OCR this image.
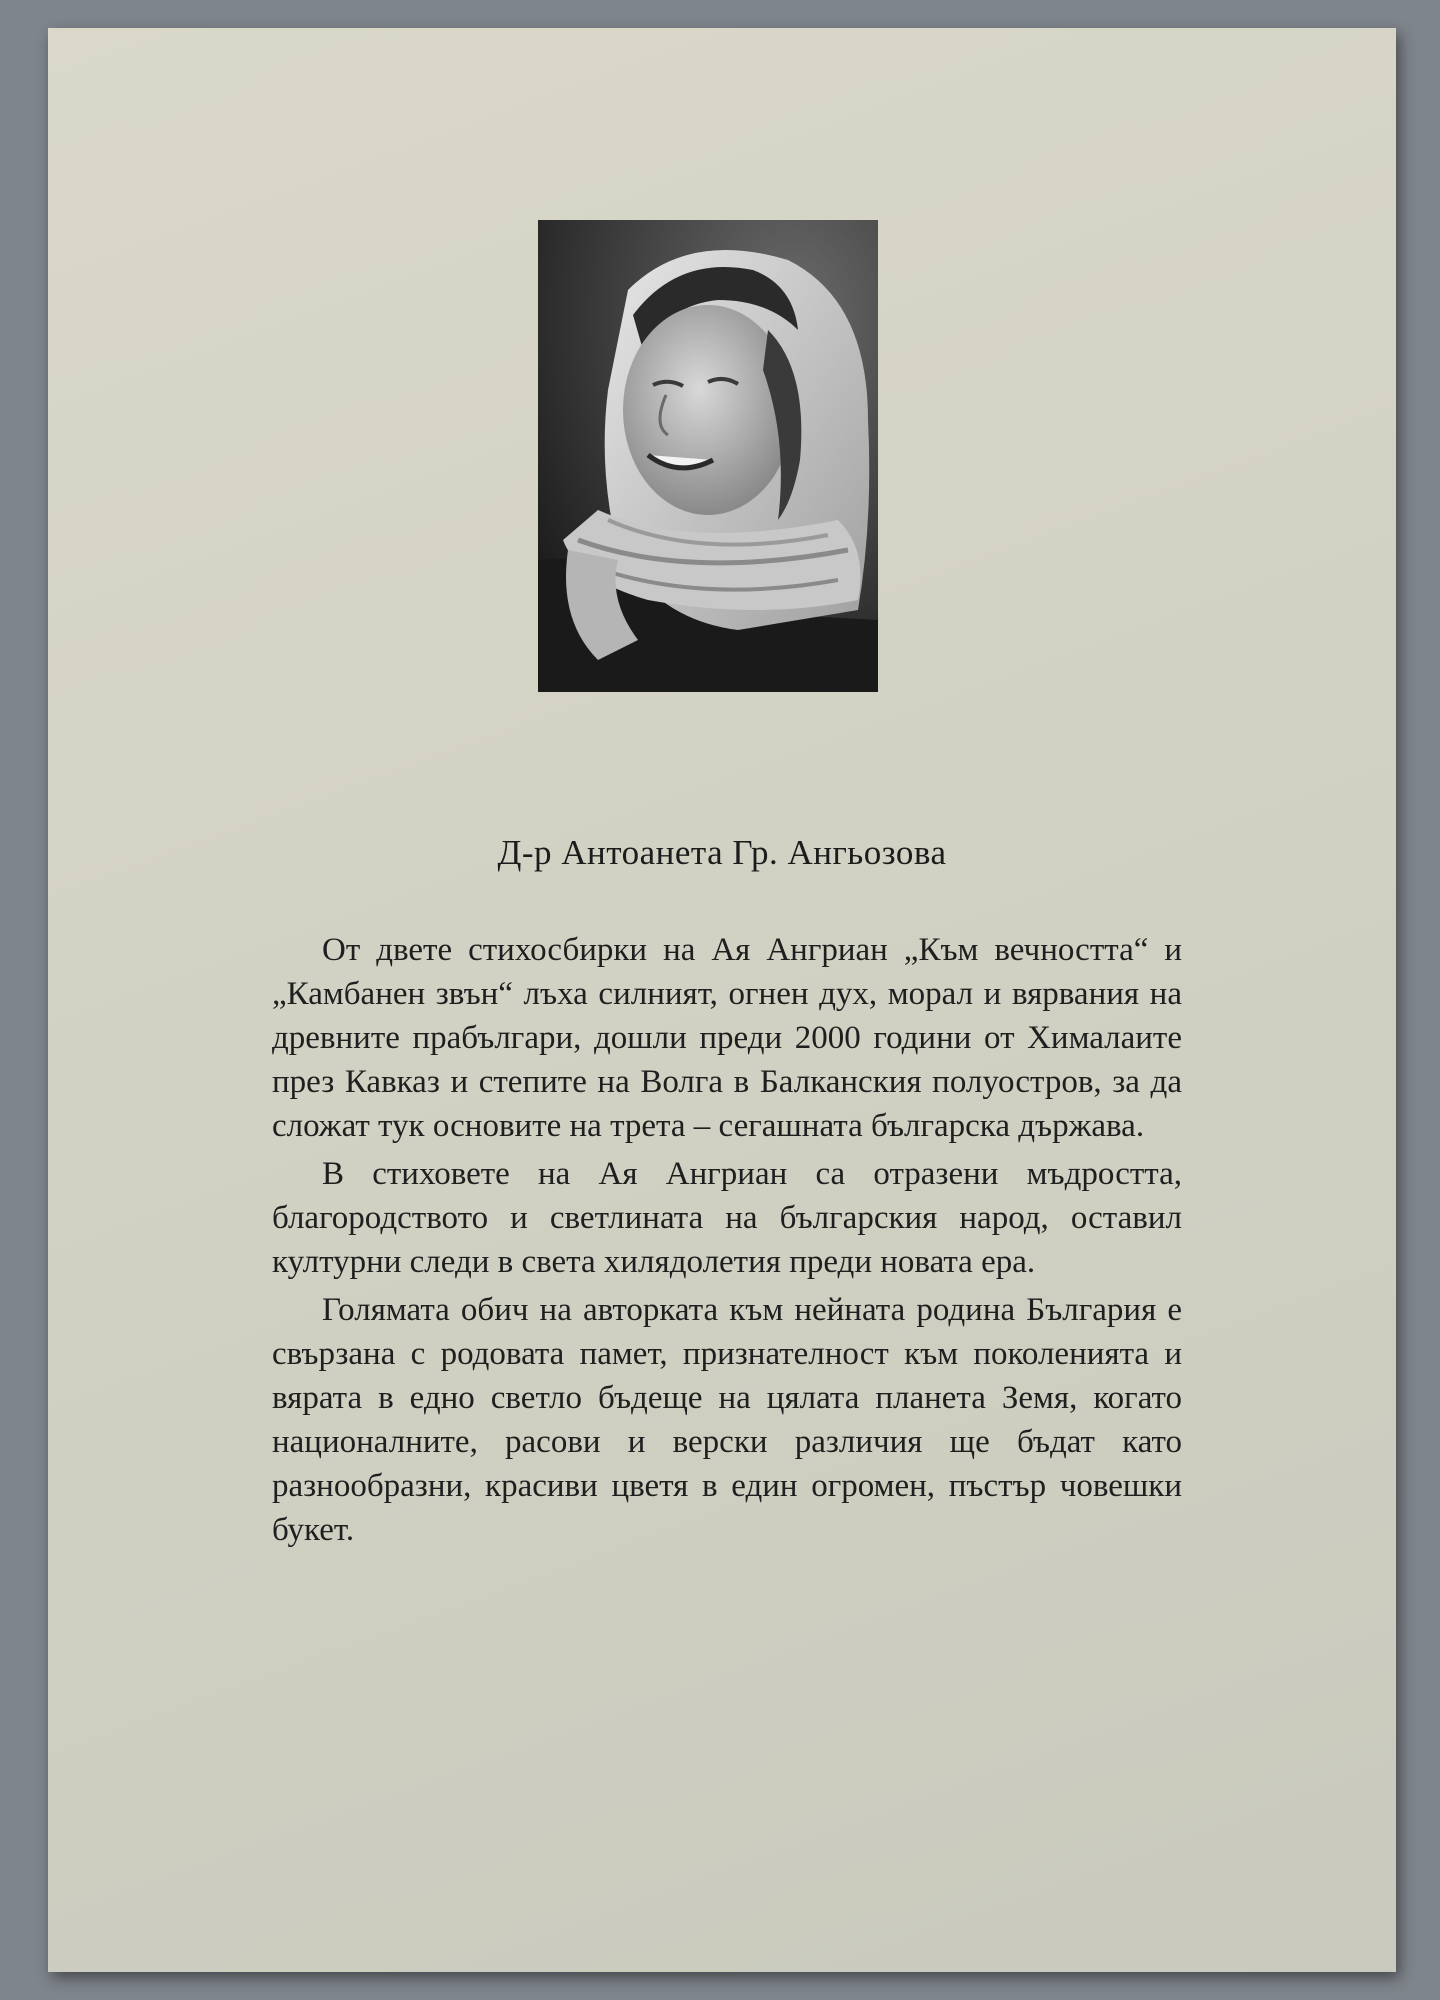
Д-р Антоанета Гр. Ангьозова

От двете стихосбирки на Ая Ангриан „Към вечността“ и „Камбанен звън“ лъха силният, огнен дух, морал и вярвания на древните прабългари, дошли преди 2000 години от Хималаите през Кавказ и степите на Волга в Балканския полуостров, за да сложат тук основите на трета – сегашната българска държава.

В стиховете на Ая Ангриан са отразени мъдростта, благородството и светлината на българския народ, оставил културни следи в света хилядолетия преди новата ера.

Голямата обич на авторката към нейната родина България е свързана с родовата памет, признателност към поколенията и вярата в едно светло бъдеще на цялата планета Земя, когато националните, расови и верски различия ще бъдат като разнообразни, красиви цветя в един огромен, пъстър човешки букет.
